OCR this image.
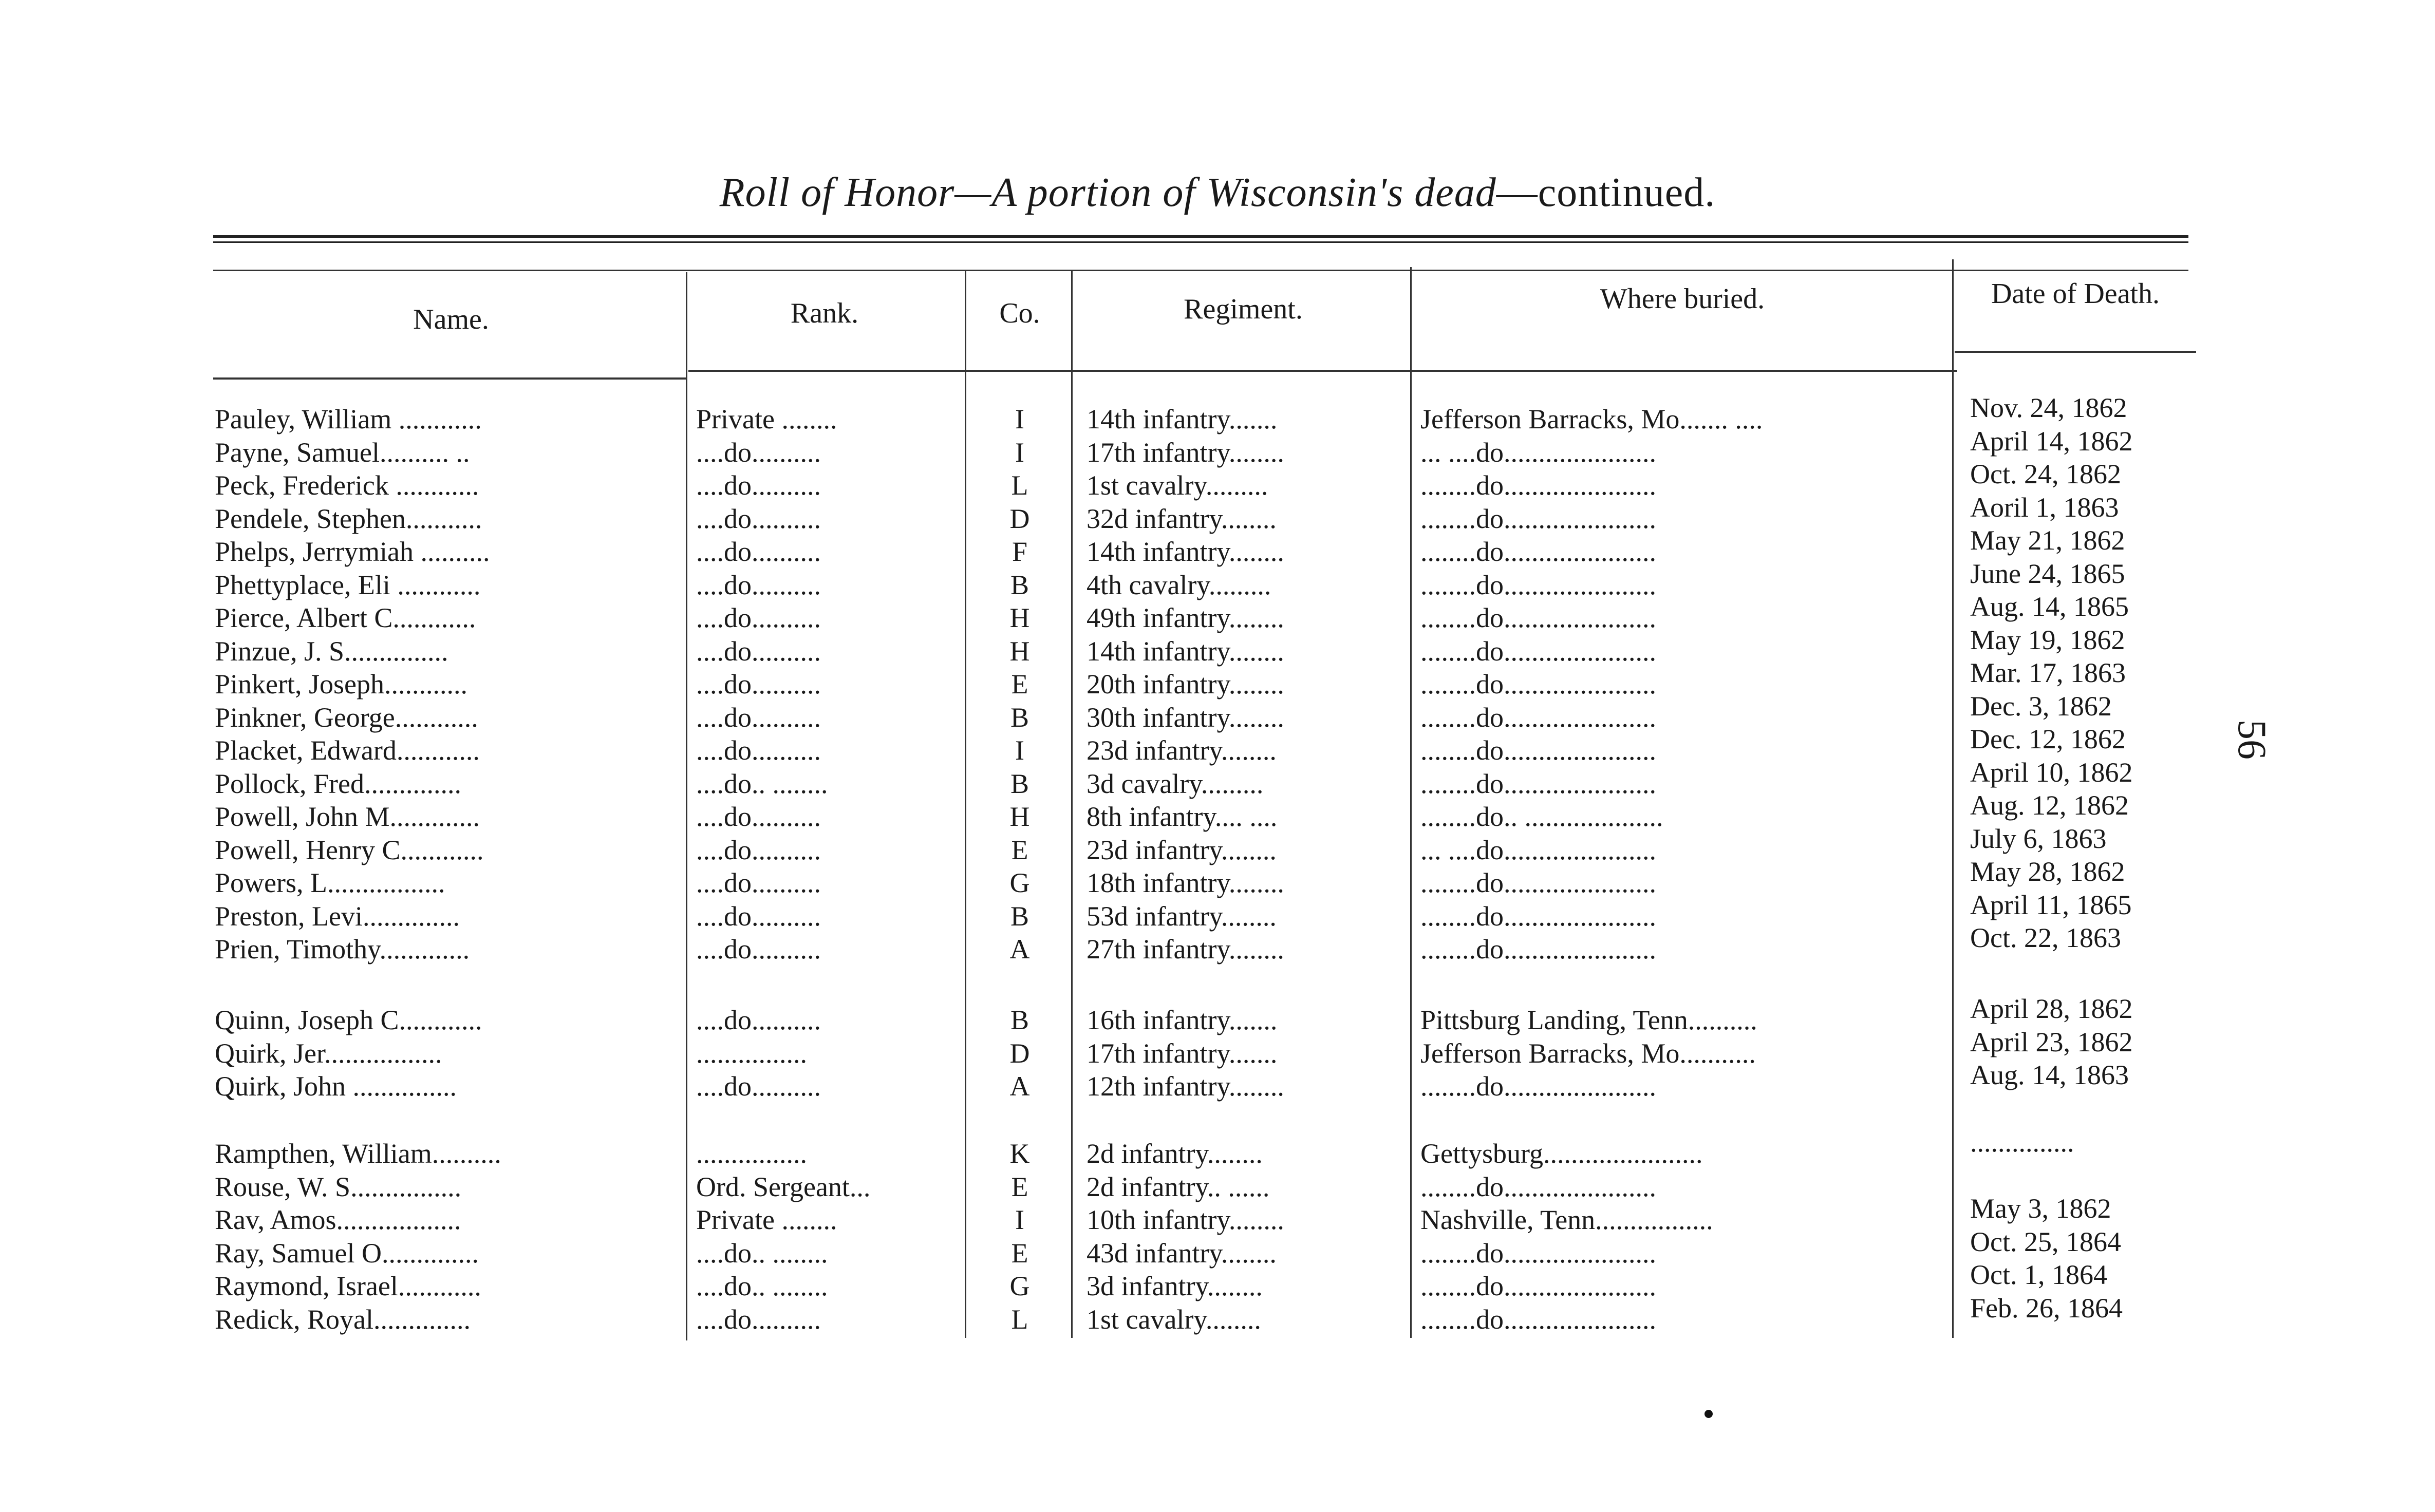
56
Roll of Honor—A portion of Wisconsin's dead—continued.
Name.	Rank.	Co.	Regiment.	Where buried.	Date of Death.
Pauley, William ............	Private ........	I	14th infantry.......	Jefferson Barracks, Mo....... ....	Nov. 24, 1862
Payne, Samuel.......... ..	....do..........	I	17th infantry........	... ....do......................	April 14, 1862
Peck, Frederick ............	....do..........	L	1st cavalry.........	........do......................	Oct. 24, 1862
Pendele, Stephen...........	....do..........	D	32d infantry........	........do......................	Aoril 1, 1863
Phelps, Jerrymiah ..........	....do..........	F	14th infantry........	........do......................	May 21, 1862
Phettyplace, Eli ............	....do..........	B	4th cavalry.........	........do......................	June 24, 1865
Pierce, Albert C............	....do..........	H	49th infantry........	........do......................	Aug. 14, 1865
Pinzue, J. S...............	....do..........	H	14th infantry........	........do......................	May 19, 1862
Pinkert, Joseph............	....do..........	E	20th infantry........	........do......................	Mar. 17, 1863
Pinkner, George............	....do..........	B	30th infantry........	........do......................	Dec. 3, 1862
Placket, Edward............	....do..........	I	23d infantry........	........do......................	Dec. 12, 1862
Pollock, Fred..............	....do.. ........	B	3d cavalry.........	........do......................	April 10, 1862
Powell, John M.............	....do..........	H	8th infantry.... ....	........do.. ....................	Aug. 12, 1862
Powell, Henry C............	....do..........	E	23d infantry........	... ....do......................	July 6, 1863
Powers, L.................	....do..........	G	18th infantry........	........do......................	May 28, 1862
Preston, Levi..............	....do..........	B	53d infantry........	........do......................	April 11, 1865
Prien, Timothy.............	....do..........	A	27th infantry........	........do......................	Oct. 22, 1863
Quinn, Joseph C............	....do..........	B	16th infantry.......	Pittsburg Landing, Tenn..........	April 28, 1862
Quirk, Jer.................	................	D	17th infantry.......	Jefferson Barracks, Mo...........	April 23, 1862
Quirk, John ...............	....do..........	A	12th infantry........	........do......................	Aug. 14, 1863
Rampthen, William..........	................	K	2d infantry........	Gettysburg.......................	...............
Rouse, W. S................	Ord. Sergeant...	E	2d infantry.. ......	........do......................
Rav, Amos..................	Private ........	I	10th infantry........	Nashville, Tenn.................	May 3, 1862
Ray, Samuel O..............	....do.. ........	E	43d infantry........	........do......................	Oct. 25, 1864
Raymond, Israel............	....do.. ........	G	3d infantry........	........do......................	Oct. 1, 1864
Redick, Royal..............	....do..........	L	1st cavalry........	........do......................	Feb. 26, 1864
